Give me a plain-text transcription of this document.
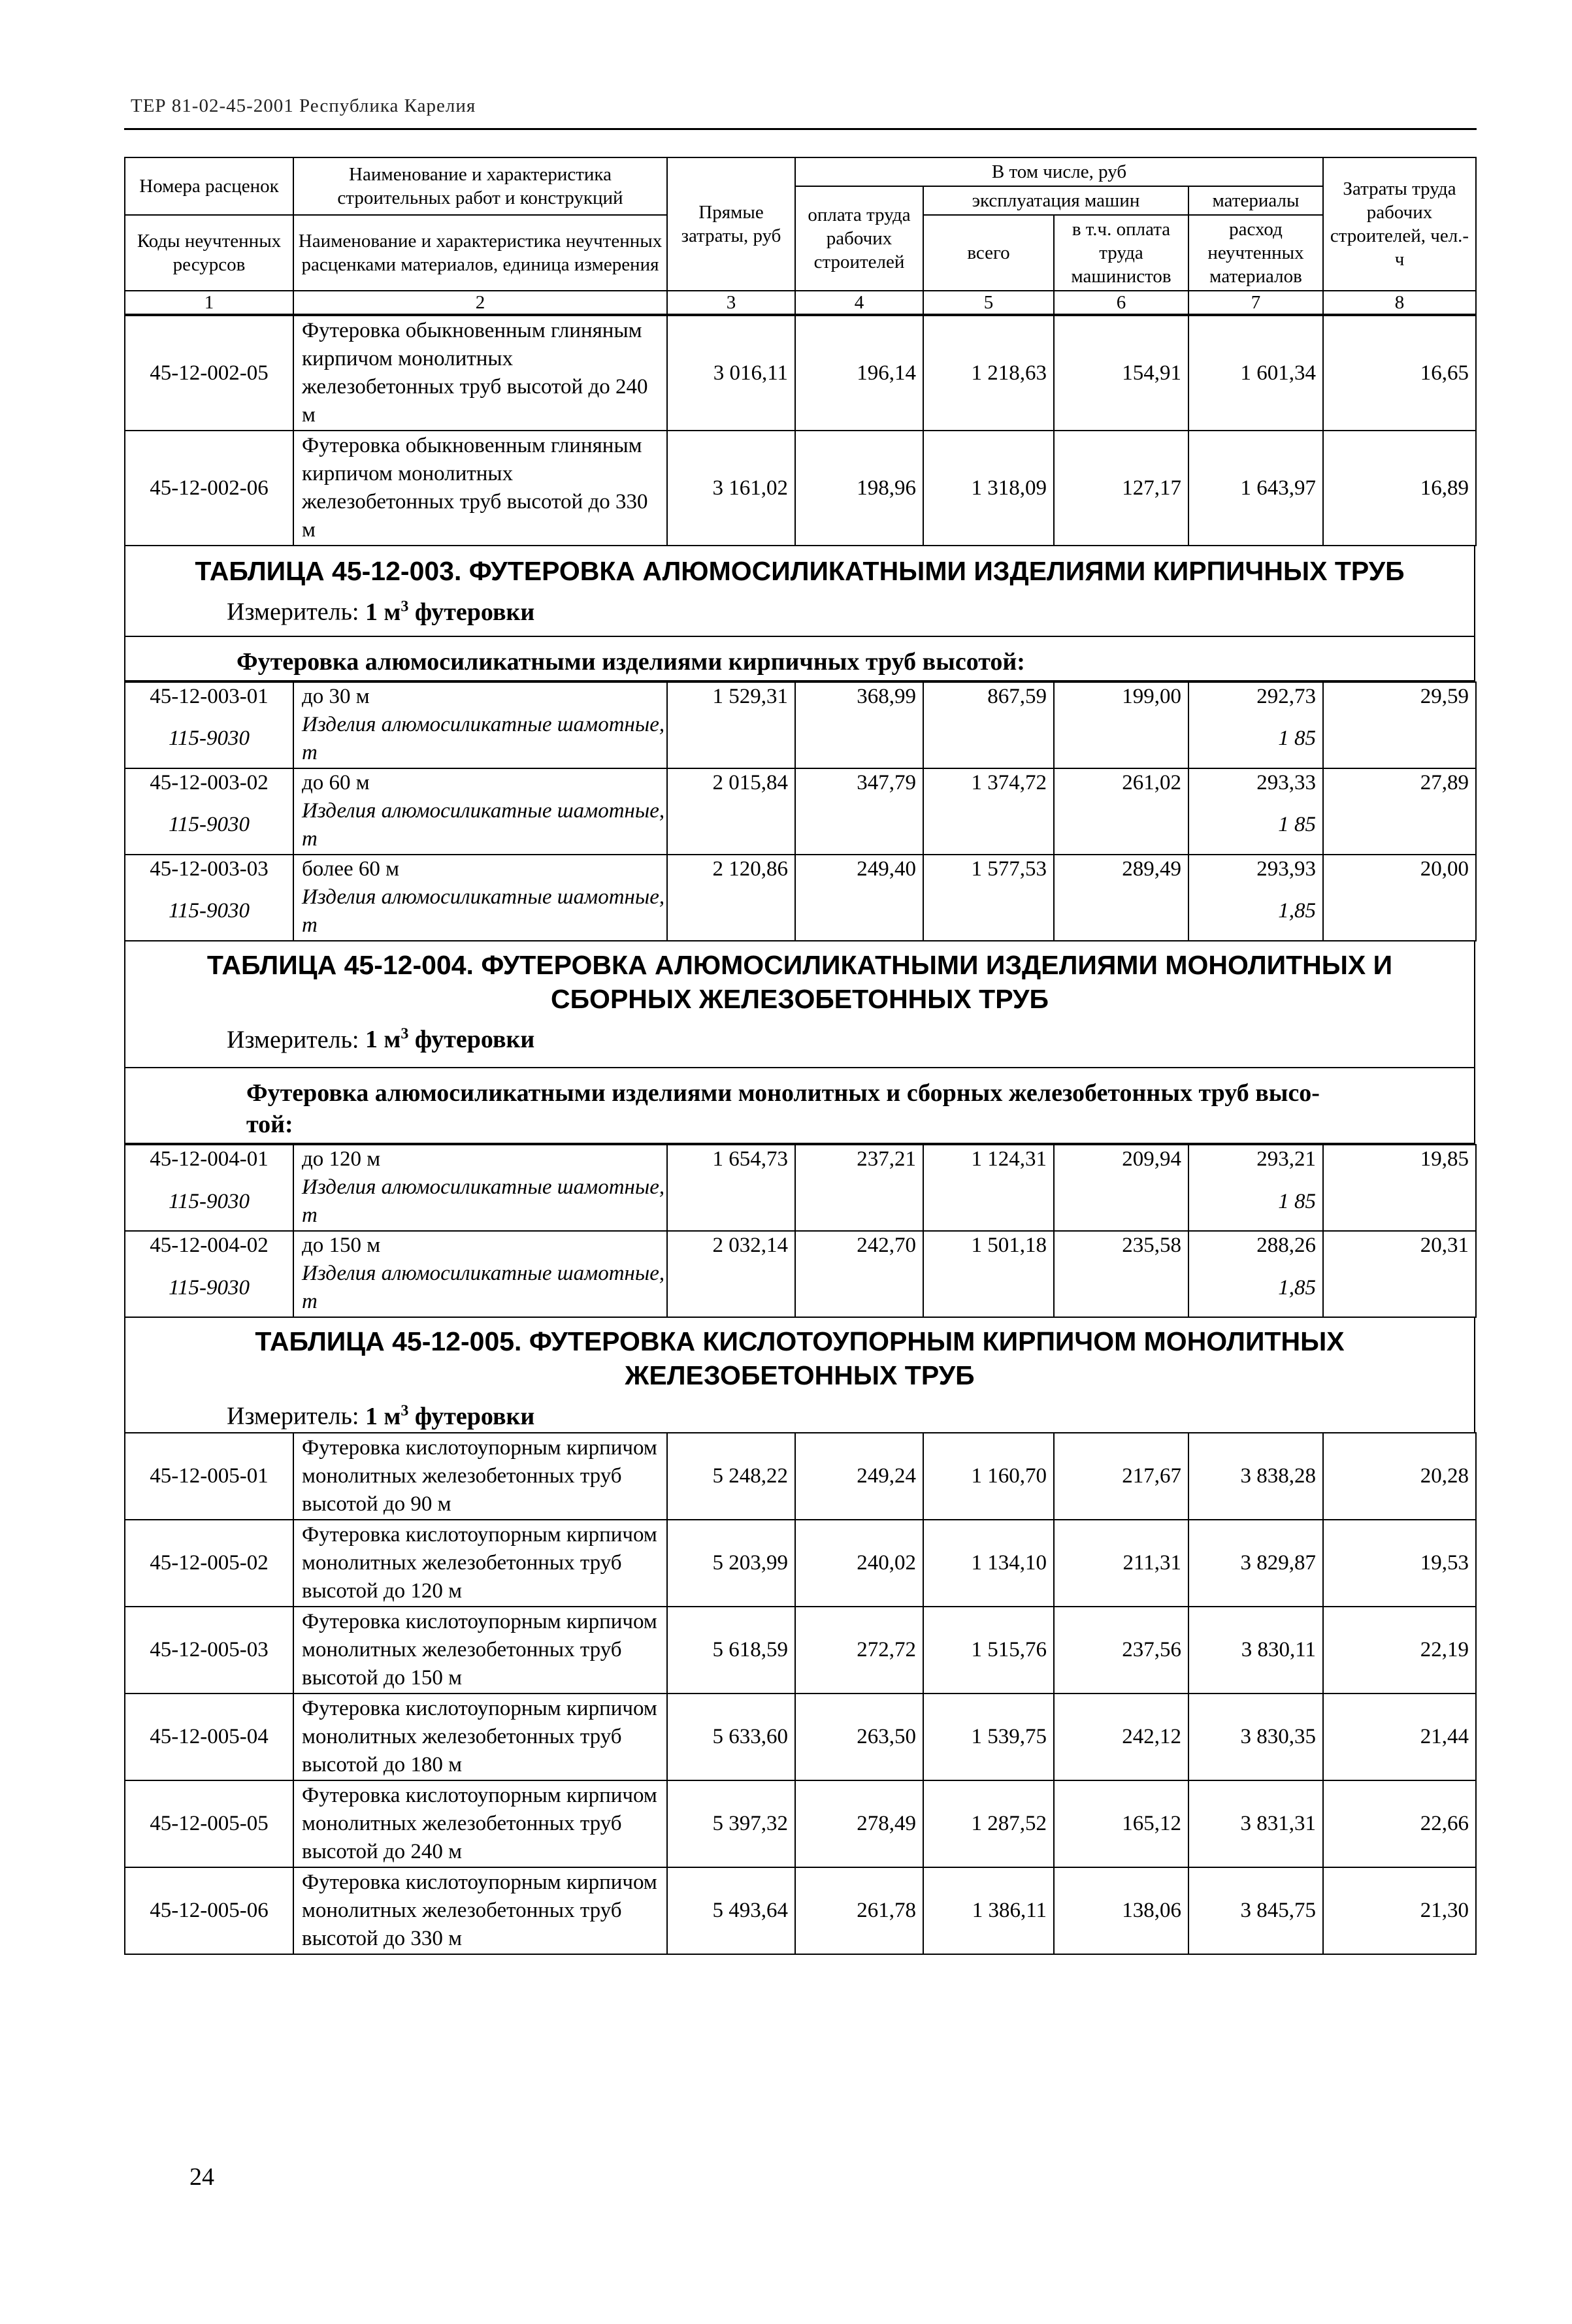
ТЕР 81-02-45-2001 Республика Карелия
Номера расценок	Наименование и характеристика строительных работ и конструкций	Прямые затраты, руб	В том числе, руб				Затраты труда рабочих строителей, чел.-ч
			оплата труда рабочих строителей	эксплуатация машин		материалы	
Коды неучтенных ресурсов	Наименование и характеристика неучтенных расценками материалов, единица измерения			всего	в т.ч. оплата труда машинистов	расход неучтенных материалов	

1	2	3	4	5	6	7	8
45-12-002-05	Футеровка обыкновенным глиняным кирпичом монолитных железобетонных труб высотой до 240 м	3 016,11	196,14	1 218,63	154,91	1 601,34	16,65
45-12-002-06	Футеровка обыкновенным глиняным кирпичом монолитных железобетонных труб высотой до 330 м	3 161,02	198,96	1 318,09	127,17	1 643,97	16,89
ТАБЛИЦА 45-12-003. ФУТЕРОВКА АЛЮМОСИЛИКАТНЫМИ ИЗДЕЛИЯМИ КИРПИЧНЫХ ТРУБ
Измеритель: 1 $м^3$ футеровки
Футеровка алюмосиликатными изделиями кирпичных труб высотой:
45-12-003-01	до 30 м	1 529,31	368,99	867,59	199,00	292,73	29,59
115-9030	Изделия алюмосиликатные шамотные, т					1 85	
45-12-003-02	до 60 м	2 015,84	347,79	1 374,72	261,02	293,33	27,89
115-9030	Изделия алюмосиликатные шамотные, т					1 85	
45-12-003-03	более 60 м	2 120,86	249,40	1 577,53	289,49	293,93	20,00
115-9030	Изделия алюмосиликатные шамотные, т					1,85	
ТАБЛИЦА 45-12-004. ФУТЕРОВКА АЛЮМОСИЛИКАТНЫМИ ИЗДЕЛИЯМИ МОНОЛИТНЫХ И
СБОРНЫХ ЖЕЛЕЗОБЕТОННЫХ ТРУБ
Измеритель: 1 $м^3$ футеровки
Футеровка алюмосиликатными изделиями монолитных и сборных железобетонных труб высо-
той:
45-12-004-01	до 120 м	1 654,73	237,21	1 124,31	209,94	293,21	19,85
115-9030	Изделия алюмосиликатные шамотные, т					1 85	
45-12-004-02	до 150 м	2 032,14	242,70	1 501,18	235,58	288,26	20,31
115-9030	Изделия алюмосиликатные шамотные, т					1,85	
ТАБЛИЦА 45-12-005. ФУТЕРОВКА КИСЛОТОУПОРНЫМ КИРПИЧОМ МОНОЛИТНЫХ
ЖЕЛЕЗОБЕТОННЫХ ТРУБ
Измеритель: 1 $м^3$ футеровки
45-12-005-01	Футеровка кислотоупорным кирпичом монолитных железобетонных труб высотой до 90 м	5 248,22	249,24	1 160,70	217,67	3 838,28	20,28
45-12-005-02	Футеровка кислотоупорным кирпичом монолитных железобетонных труб высотой до 120 м	5 203,99	240,02	1 134,10	211,31	3 829,87	19,53
45-12-005-03	Футеровка кислотоупорным кирпичом монолитных железобетонных труб высотой до 150 м	5 618,59	272,72	1 515,76	237,56	3 830,11	22,19
45-12-005-04	Футеровка кислотоупорным кирпичом монолитных железобетонных труб высотой до 180 м	5 633,60	263,50	1 539,75	242,12	3 830,35	21,44
45-12-005-05	Футеровка кислотоупорным кирпичом монолитных железобетонных труб высотой до 240 м	5 397,32	278,49	1 287,52	165,12	3 831,31	22,66
45-12-005-06	Футеровка кислотоупорным кирпичом монолитных железобетонных труб высотой до 330 м	5 493,64	261,78	1 386,11	138,06	3 845,75	21,30
24
